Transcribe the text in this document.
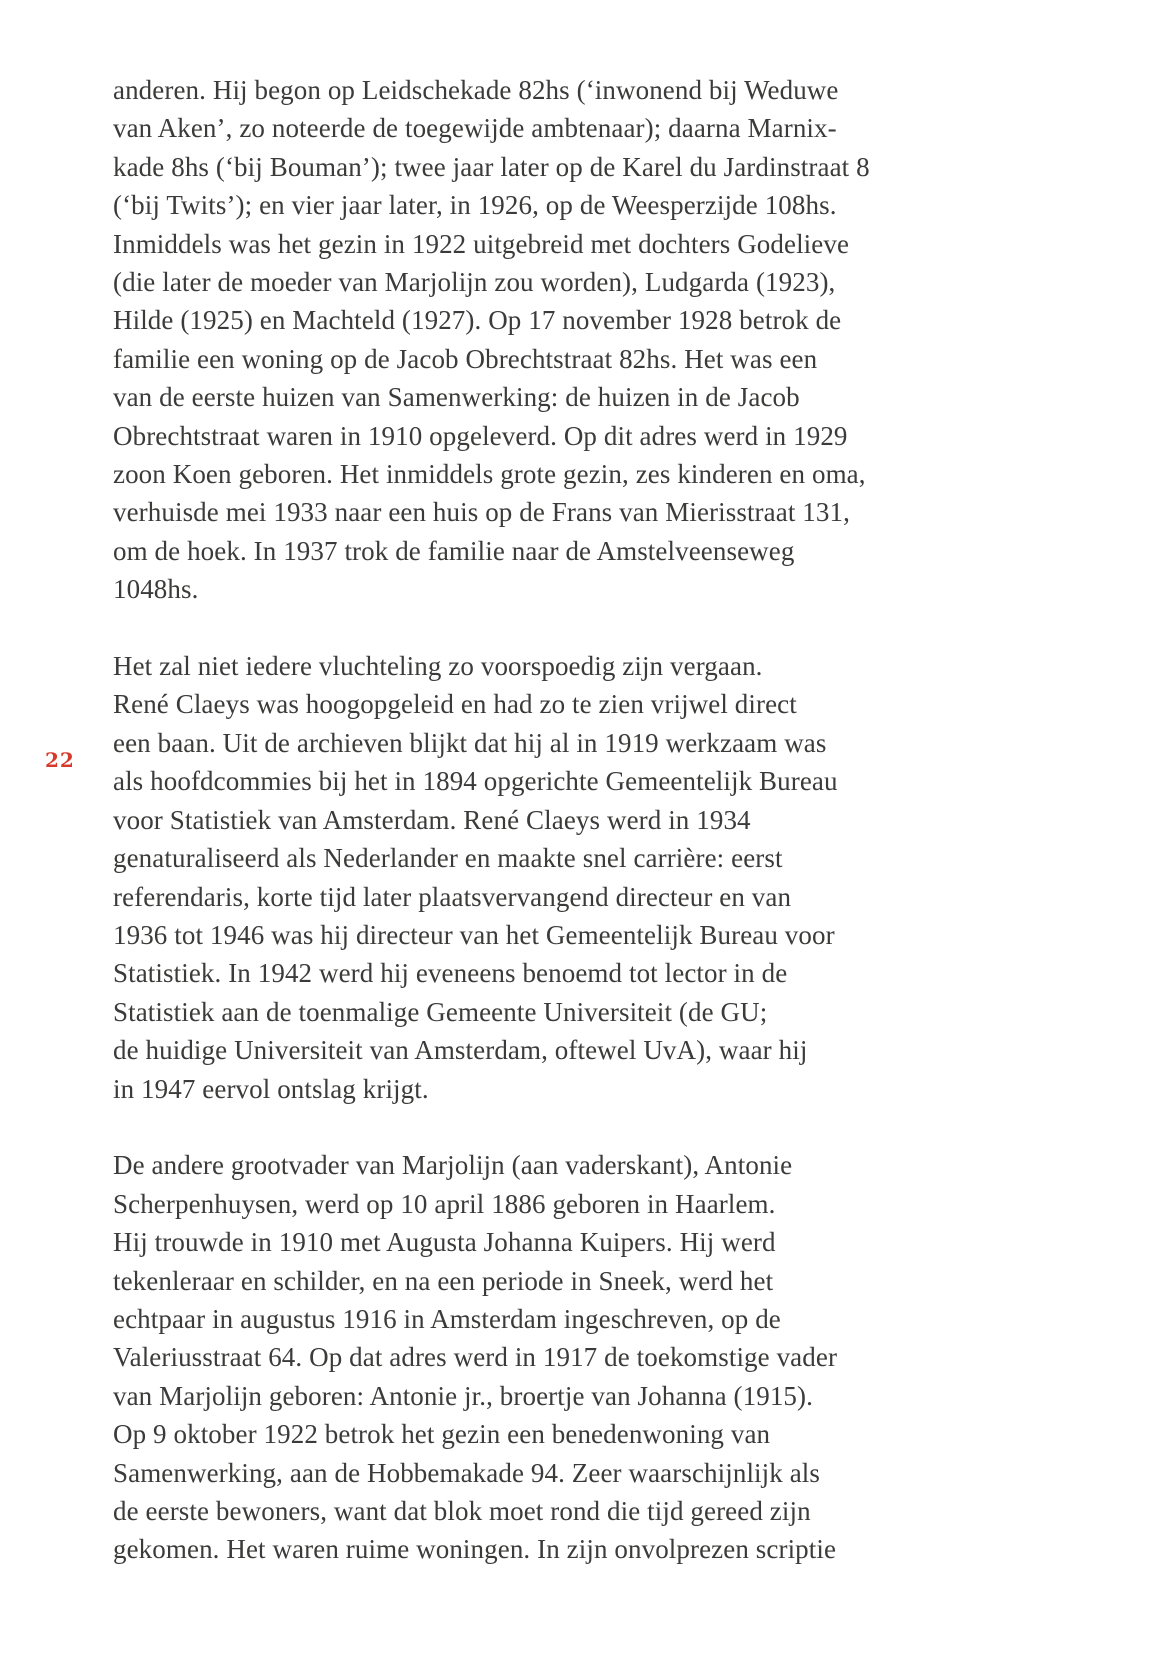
22
anderen. Hij begon op Leidschekade 82hs (‘inwonend bij Weduwe
van Aken’, zo noteerde de toegewijde ambtenaar); daarna Marnix-
kade 8hs (‘bij Bouman’); twee jaar later op de Karel du Jardinstraat 8
(‘bij Twits’); en vier jaar later, in 1926, op de Weesperzijde 108hs.
Inmiddels was het gezin in 1922 uitgebreid met dochters Godelieve
(die later de moeder van Marjolijn zou worden), Ludgarda (1923),
Hilde (1925) en Machteld (1927). Op 17 november 1928 betrok de
familie een woning op de Jacob Obrechtstraat 82hs. Het was een
van de eerste huizen van Samenwerking: de huizen in de Jacob
Obrechtstraat waren in 1910 opgeleverd. Op dit adres werd in 1929
zoon Koen geboren. Het inmiddels grote gezin, zes kinderen en oma,
verhuisde mei 1933 naar een huis op de Frans van Mierisstraat 131,
om de hoek. In 1937 trok de familie naar de Amstelveenseweg
1048hs.
Het zal niet iedere vluchteling zo voorspoedig zijn vergaan.
René Claeys was hoogopgeleid en had zo te zien vrijwel direct
een baan. Uit de archieven blijkt dat hij al in 1919 werkzaam was
als hoofdcommies bij het in 1894 opgerichte Gemeentelijk Bureau
voor Statistiek van Amsterdam. René Claeys werd in 1934
genaturaliseerd als Nederlander en maakte snel carrière: eerst
referendaris, korte tijd later plaatsvervangend directeur en van
1936 tot 1946 was hij directeur van het Gemeentelijk Bureau voor
Statistiek. In 1942 werd hij eveneens benoemd tot lector in de
Statistiek aan de toenmalige Gemeente Universiteit (de GU;
de huidige Universiteit van Amsterdam, oftewel UvA), waar hij
in 1947 eervol ontslag krijgt.
De andere grootvader van Marjolijn (aan vaderskant), Antonie
Scherpenhuysen, werd op 10 april 1886 geboren in Haarlem.
Hij trouwde in 1910 met Augusta Johanna Kuipers. Hij werd
tekenleraar en schilder, en na een periode in Sneek, werd het
echtpaar in augustus 1916 in Amsterdam ingeschreven, op de
Valeriusstraat 64. Op dat adres werd in 1917 de toekomstige vader
van Marjolijn geboren: Antonie jr., broertje van Johanna (1915).
Op 9 oktober 1922 betrok het gezin een benedenwoning van
Samenwerking, aan de Hobbemakade 94. Zeer waarschijnlijk als
de eerste bewoners, want dat blok moet rond die tijd gereed zijn
gekomen. Het waren ruime woningen. In zijn onvolprezen scriptie
